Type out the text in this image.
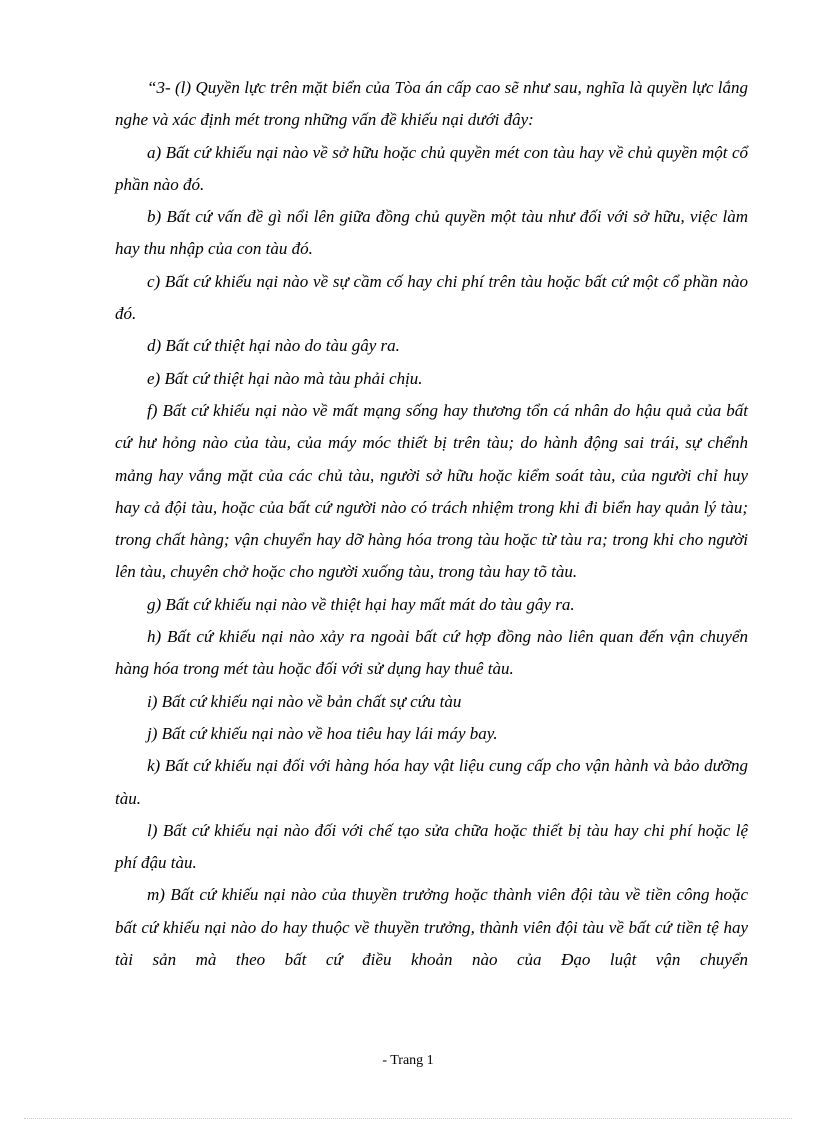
“3- (l) Quyền lực trên mặt biển của Tòa án cấp cao sẽ như sau, nghĩa là quyền lực lắng nghe và xác định mét trong những vấn đề khiếu nại dưới đây:

a) Bất cứ khiếu nại nào về sở hữu hoặc chủ quyền mét con tàu hay về chủ quyền một cổ phần nào đó.

b) Bất cứ vấn đề gì nổi lên giữa đồng chủ quyền một tàu như đối với sở hữu, việc làm hay thu nhập của con tàu đó.

c) Bất cứ khiếu nại nào về sự cầm cố hay chi phí trên tàu hoặc bất cứ một cổ phần nào đó.

d) Bất cứ thiệt hại nào do tàu gây ra.

e) Bất cứ thiệt hại nào mà tàu phải chịu.

f) Bất cứ khiếu nại nào về mất mạng sống hay thương tổn cá nhân do hậu quả của bất cứ hư hỏng nào của tàu, của máy móc thiết bị trên tàu; do hành động sai trái, sự chểnh mảng hay vắng mặt của các chủ tàu, người sở hữu hoặc kiểm soát tàu, của người chỉ huy hay cả đội tàu, hoặc của bất cứ người nào có trách nhiệm trong khi đi biển hay quản lý tàu; trong chất hàng; vận chuyển hay dỡ hàng hóa trong tàu hoặc từ tàu ra; trong khi cho người lên tàu, chuyên chở hoặc cho người xuống tàu, trong tàu hay tõ tàu.

g) Bất cứ khiếu nại nào về thiệt hại hay mất mát do tàu gây ra.

h) Bất cứ khiếu nại nào xảy ra ngoài bất cứ hợp đồng nào liên quan đến vận chuyển hàng hóa trong mét tàu hoặc đối với sử dụng hay thuê tàu.

i) Bất cứ khiếu nại nào về bản chất sự cứu tàu

j) Bất cứ khiếu nại nào về hoa tiêu hay lái máy bay.

k) Bất cứ khiếu nại đối với hàng hóa hay vật liệu cung cấp cho vận hành và bảo dưỡng tàu.

l) Bất cứ khiếu nại nào đối với chế tạo sửa chữa hoặc thiết bị tàu hay chi phí hoặc lệ phí đậu tàu.

m) Bất cứ khiếu nại nào của thuyền trưởng hoặc thành viên đội tàu về tiền công hoặc bất cứ khiếu nại nào do hay thuộc về thuyền trưởng, thành viên đội tàu về bất cứ tiền tệ hay tài sản mà theo bất cứ điều khoản nào của Đạo luật vận chuyển

- Trang 1
